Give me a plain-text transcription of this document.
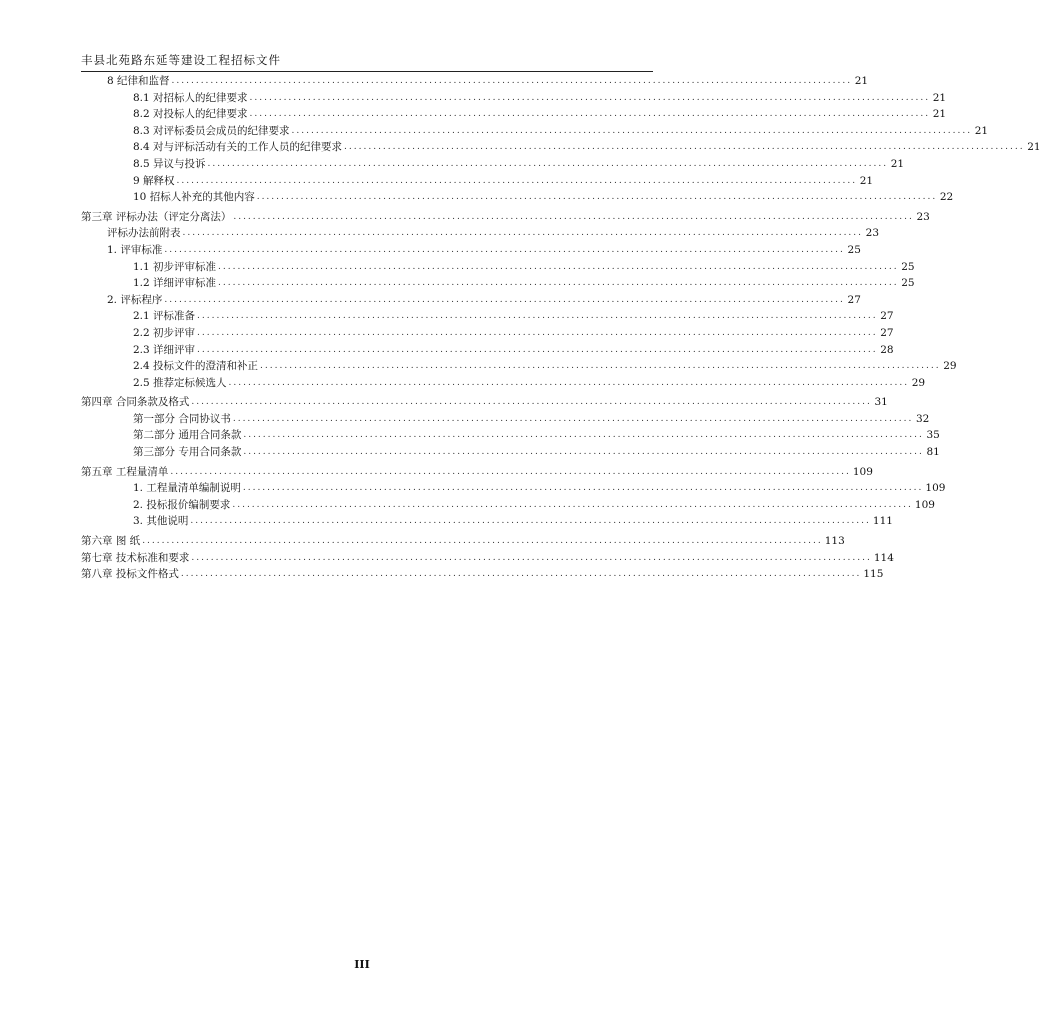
丰县北苑路东延等建设工程招标文件
8 纪律和监督 ............................................................................................................................................ 21
8.1 对招标人的纪律要求 ............................................................................................................................................ 21
8.2 对投标人的纪律要求 ............................................................................................................................................ 21
8.3 对评标委员会成员的纪律要求 ............................................................................................................................................ 21
8.4 对与评标活动有关的工作人员的纪律要求 ............................................................................................................................................ 21
8.5 异议与投诉 ............................................................................................................................................ 21
9 解释权 ............................................................................................................................................ 21
10 招标人补充的其他内容 ............................................................................................................................................ 22
第三章 评标办法（评定分离法） ............................................................................................................................................ 23
评标办法前附表 ............................................................................................................................................ 23
1. 评审标准 ............................................................................................................................................ 25
1.1 初步评审标准 ............................................................................................................................................ 25
1.2 详细评审标准 ............................................................................................................................................ 25
2. 评标程序 ............................................................................................................................................ 27
2.1 评标准备 ............................................................................................................................................ 27
2.2 初步评审 ............................................................................................................................................ 27
2.3 详细评审 ............................................................................................................................................ 28
2.4 投标文件的澄清和补正 ............................................................................................................................................ 29
2.5 推荐定标候选人 ............................................................................................................................................ 29
第四章 合同条款及格式 ............................................................................................................................................ 31
第一部分 合同协议书 ............................................................................................................................................ 32
第二部分 通用合同条款 ............................................................................................................................................ 35
第三部分 专用合同条款 ............................................................................................................................................ 81
第五章 工程量清单 ............................................................................................................................................ 109
1. 工程量清单编制说明 ............................................................................................................................................ 109
2. 投标报价编制要求 ............................................................................................................................................ 109
3. 其他说明 ............................................................................................................................................ 111
第六章 图 纸 ............................................................................................................................................ 113
第七章 技术标准和要求 ............................................................................................................................................ 114
第八章 投标文件格式 ............................................................................................................................................ 115
III
